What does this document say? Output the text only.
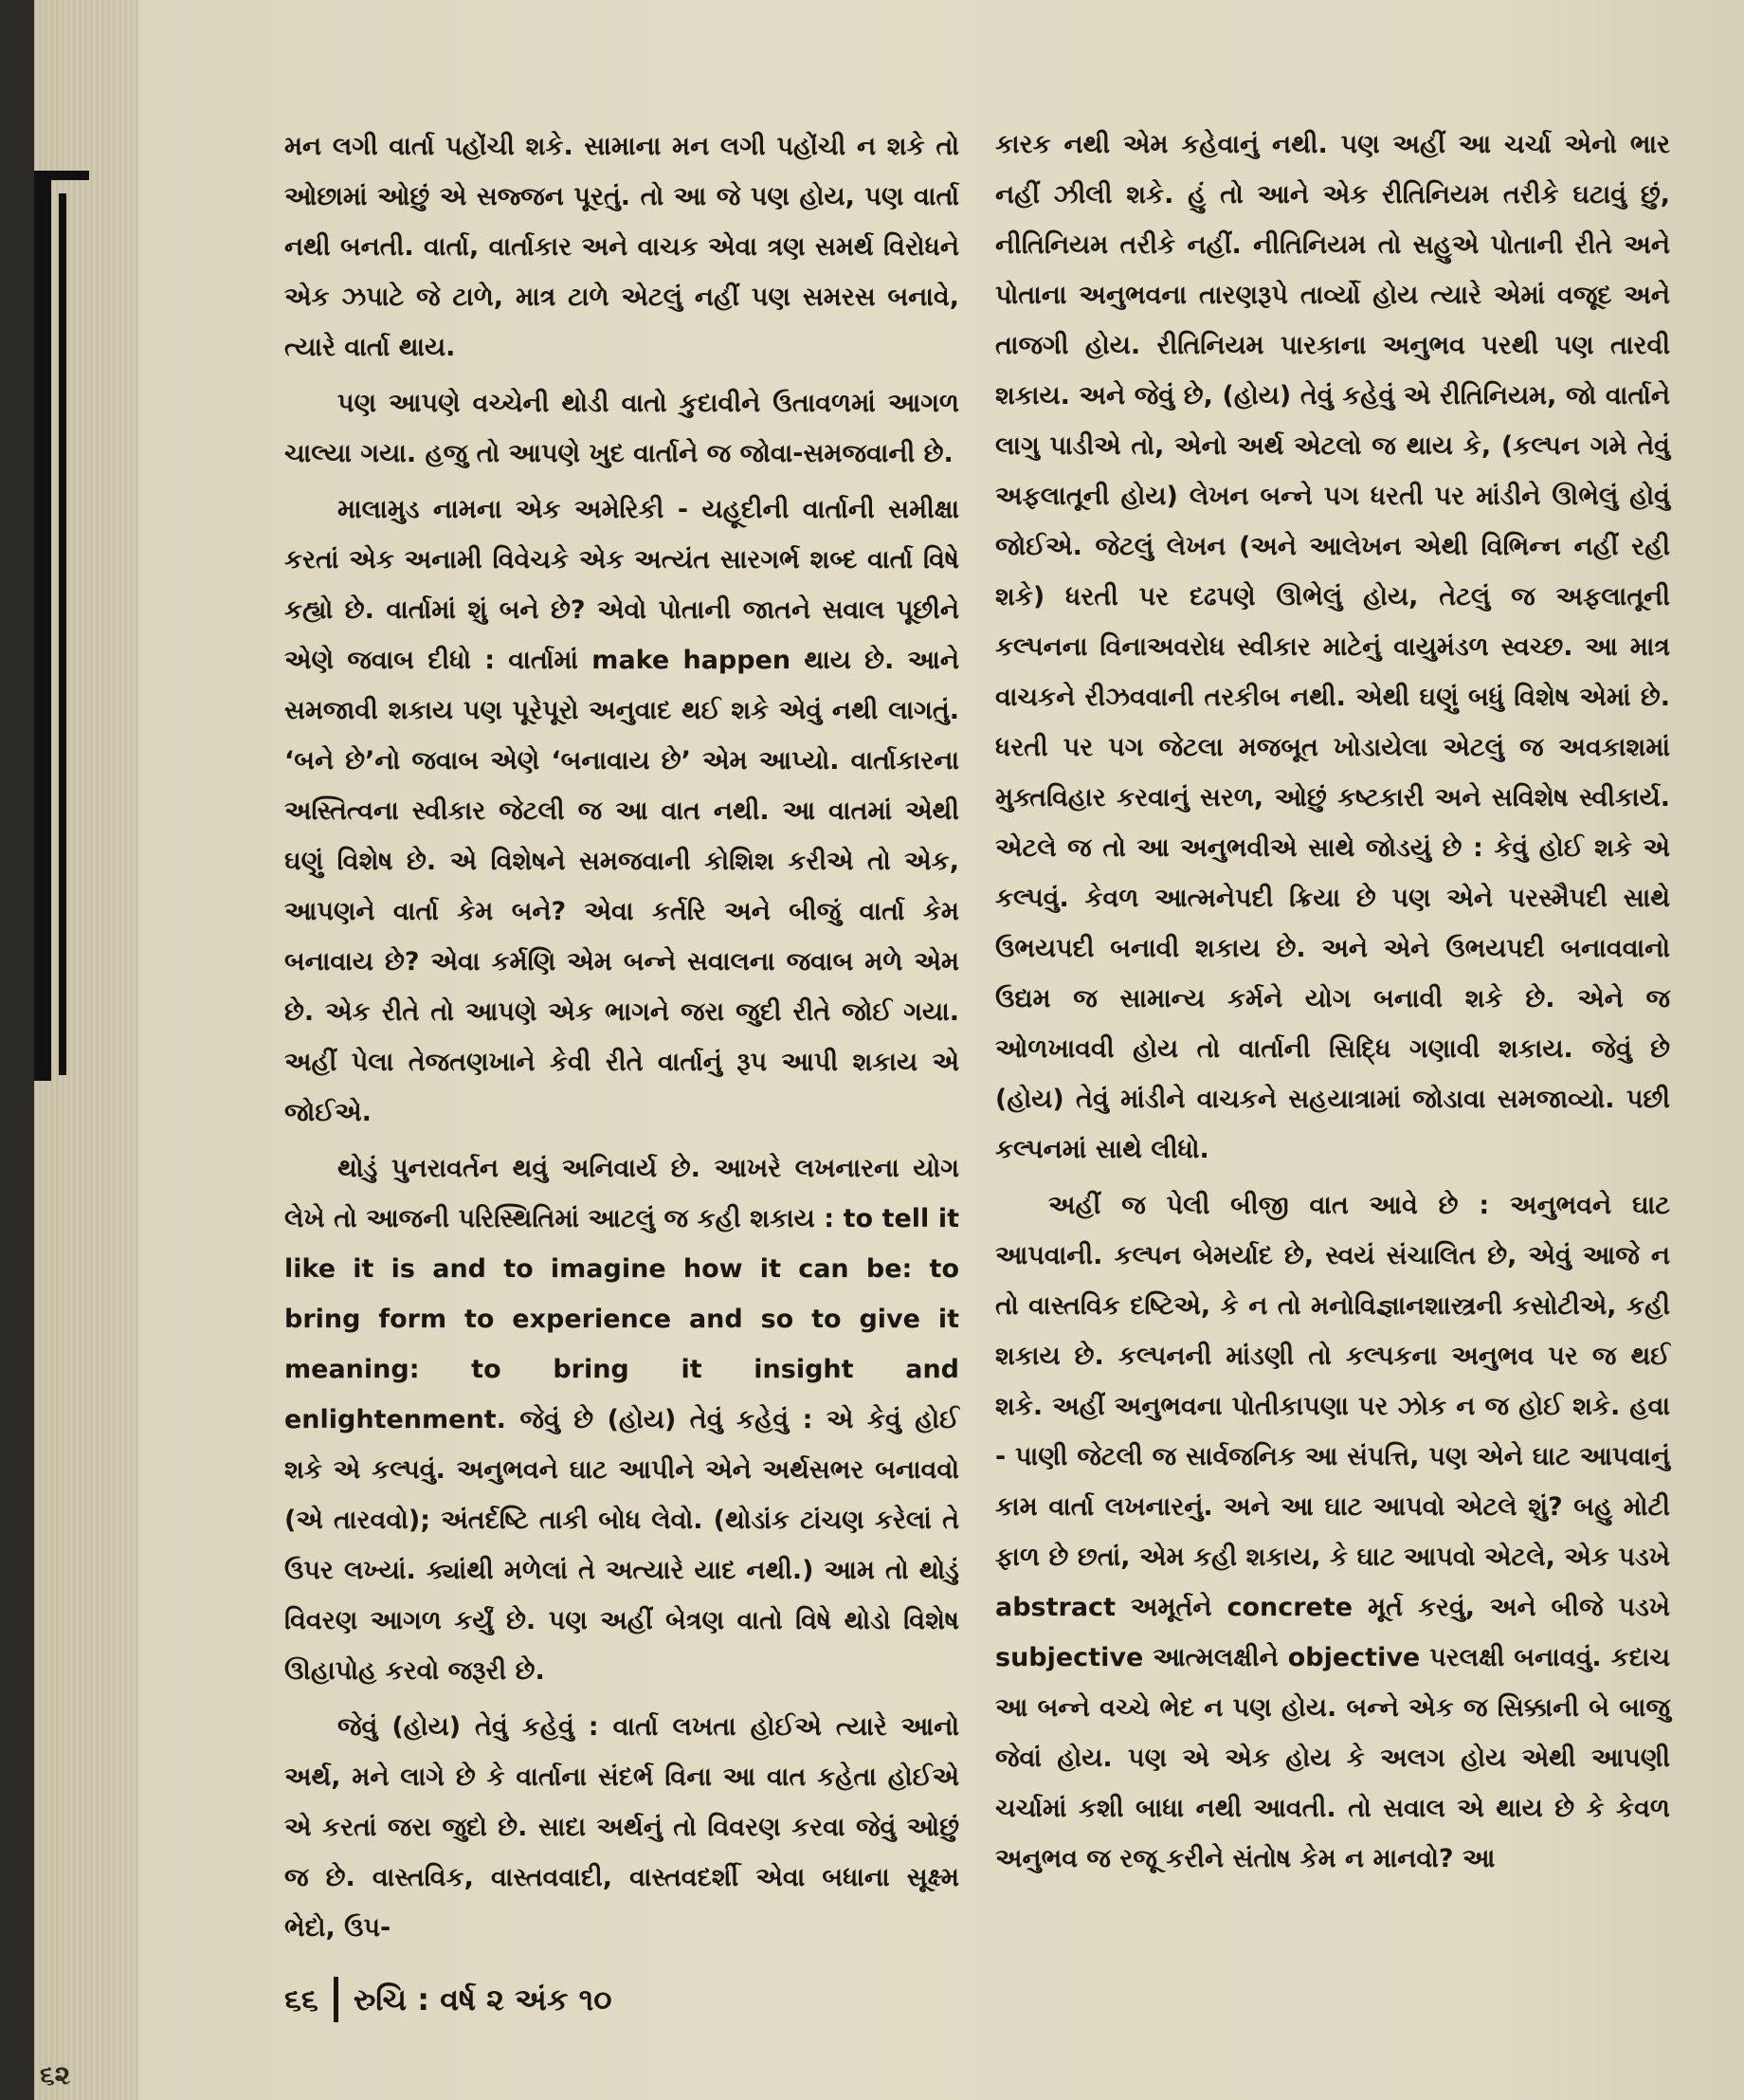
મન લગી વાર્તા પહોંચી શકે. સામાના મન લગી પહોંચી ન શકે તો ઓછામાં ઓછું એ સજ્જન પૂરતું. તો આ જે પણ હોય, પણ વાર્તા નથી બનતી. વાર્તા, વાર્તાકાર અને વાચક એવા ત્રણ સમર્થ વિરોધને એક ઝપાટે જે ટાળે, માત્ર ટાળે એટલું નહીં પણ સમરસ બનાવે, ત્યારે વાર્તા થાય.

પણ આપણે વચ્ચેની થોડી વાતો કુદાવીને ઉતાવળમાં આગળ ચાલ્યા ગયા. હજુ તો આપણે ખુદ વાર્તાને જ જોવા-સમજવાની છે.

માલામુડ નામના એક અમેરિકી - યહૂદીની વાર્તાની સમીક્ષા કરતાં એક અનામી વિવેચકે એક અત્યંત સારગર્ભ શબ્દ વાર્તા વિષે કહ્યો છે. વાર્તામાં શું બને છે? એવો પોતાની જાતને સવાલ પૂછીને એણે જવાબ દીધો : વાર્તામાં make happen થાય છે. આને સમજાવી શકાય પણ પૂરેપૂરો અનુવાદ થઈ શકે એવું નથી લાગતું. ‘બને છે’નો જવાબ એણે ‘બનાવાય છે’ એમ આપ્યો. વાર્તાકારના અસ્તિત્વના સ્વીકાર જેટલી જ આ વાત નથી. આ વાતમાં એથી ઘણું વિશેષ છે. એ વિશેષને સમજવાની કોશિશ કરીએ તો એક, આપણને વાર્તા કેમ બને? એવા કર્તરિ અને બીજું વાર્તા કેમ બનાવાય છે? એવા કર્મણિ એમ બન્ને સવાલના જવાબ મળે એમ છે. એક રીતે તો આપણે એક ભાગને જરા જુદી રીતે જોઈ ગયા. અહીં પેલા તેજતણખાને કેવી રીતે વાર્તાનું રૂપ આપી શકાય એ જોઈએ.

થોડું પુનરાવર્તન થવું અનિવાર્ય છે. આખરે લખનારના યોગ લેખે તો આજની પરિસ્થિતિમાં આટલું જ કહી શકાય : to tell it like it is and to imagine how it can be: to bring form to experience and so to give it meaning: to bring it insight and enlightenment. જેવું છે (હોય) તેવું કહેવું : એ કેવું હોઈ શકે એ કલ્પવું. અનુભવને ઘાટ આપીને એને અર્થસભર બનાવવો (એ તારવવો); અંતર્દષ્ટિ તાકી બોધ લેવો. (થોડાંક ટાંચણ કરેલાં તે ઉપર લખ્યાં. ક્યાંથી મળેલાં તે અત્યારે યાદ નથી.) આમ તો થોડું વિવરણ આગળ કર્યું છે. પણ અહીં બેત્રણ વાતો વિષે થોડો વિશેષ ઊહાપોહ કરવો જરૂરી છે.

જેવું (હોય) તેવું કહેવું : વાર્તા લખતા હોઈએ ત્યારે આનો અર્થ, મને લાગે છે કે વાર્તાના સંદર્ભ વિના આ વાત કહેતા હોઈએ એ કરતાં જરા જુદો છે. સાદા અર્થનું તો વિવરણ કરવા જેવું ઓછું જ છે. વાસ્તવિક, વાસ્તવવાદી, વાસ્તવદર્શી એવા બધાના સૂક્ષ્મ ભેદો, ઉપ-

કારક નથી એમ કહેવાનું નથી. પણ અહીં આ ચર્ચા એનો ભાર નહીં ઝીલી શકે. હું તો આને એક રીતિનિયમ તરીકે ઘટાવું છું, નીતિનિયમ તરીકે નહીં. નીતિનિયમ તો સહુએ પોતાની રીતે અને પોતાના અનુભવના તારણરૂપે તાર્વ્યો હોય ત્યારે એમાં વજૂદ અને તાજગી હોય. રીતિનિયમ પારકાના અનુભવ પરથી પણ તારવી શકાય. અને જેવું છે, (હોય) તેવું કહેવું એ રીતિનિયમ, જો વાર્તાને લાગુ પાડીએ તો, એનો અર્થ એટલો જ થાય કે, (કલ્પન ગમે તેવું અફલાતૂની હોય) લેખન બન્ને પગ ધરતી પર માંડીને ઊભેલું હોવું જોઈએ. જેટલું લેખન (અને આલેખન એથી વિભિન્ન નહીં રહી શકે) ધરતી પર દઢપણે ઊભેલું હોય, તેટલું જ અફલાતૂની કલ્પનના વિનાઅવરોધ સ્વીકાર માટેનું વાયુમંડળ સ્વચ્છ. આ માત્ર વાચકને રીઝવવાની તરકીબ નથી. એથી ઘણું બધું વિશેષ એમાં છે. ધરતી પર પગ જેટલા મજબૂત ખોડાયેલા એટલું જ અવકાશમાં મુક્તવિહાર કરવાનું સરળ, ઓછું કષ્ટકારી અને સવિશેષ સ્વીકાર્ય. એટલે જ તો આ અનુભવીએ સાથે જોડયું છે : કેવું હોઈ શકે એ કલ્પવું. કેવળ આત્મનેપદી ક્રિયા છે પણ એને પરસ્મૈપદી સાથે ઉભયપદી બનાવી શકાય છે. અને એને ઉભયપદી બનાવવાનો ઉદ્યમ જ સામાન્ય કર્મને યોગ બનાવી શકે છે. એને જ ઓળખાવવી હોય તો વાર્તાની સિદ્ધિ ગણાવી શકાય. જેવું છે (હોય) તેવું માંડીને વાચકને સહયાત્રામાં જોડાવા સમજાવ્યો. પછી કલ્પનમાં સાથે લીધો.

અહીં જ પેલી બીજી વાત આવે છે : અનુભવને ઘાટ આપવાની. કલ્પન બેમર્યાદ છે, સ્વયં સંચાલિત છે, એવું આજે ન તો વાસ્તવિક દષ્ટિએ, કે ન તો મનોવિજ્ઞાનશાસ્ત્રની કસોટીએ, કહી શકાય છે. કલ્પનની માંડણી તો કલ્પકના અનુભવ પર જ થઈ શકે. અહીં અનુભવના પોતીકાપણા પર ઝોક ન જ હોઈ શકે. હવા - પાણી જેટલી જ સાર્વજનિક આ સંપત્તિ, પણ એને ઘાટ આપવાનું કામ વાર્તા લખનારનું. અને આ ઘાટ આપવો એટલે શું? બહુ મોટી ફાળ છે છતાં, એમ કહી શકાય, કે ઘાટ આપવો એટલે, એક પડખે abstract અમૂર્તને concrete મૂર્ત કરવું, અને બીજે પડખે subjective આત્મલક્ષીને objective પરલક્ષી બનાવવું. કદાચ આ બન્ને વચ્ચે ભેદ ન પણ હોય. બન્ને એક જ સિક્કાની બે બાજુ જેવાં હોય. પણ એ એક હોય કે અલગ હોય એથી આપણી ચર્ચામાં કશી બાધા નથી આવતી. તો સવાલ એ થાય છે કે કેવળ અનુભવ જ રજૂ કરીને સંતોષ કેમ ન માનવો? આ

૬૬ રુચિ : વર્ષ ૨ અંક ૧૦
૬૨
